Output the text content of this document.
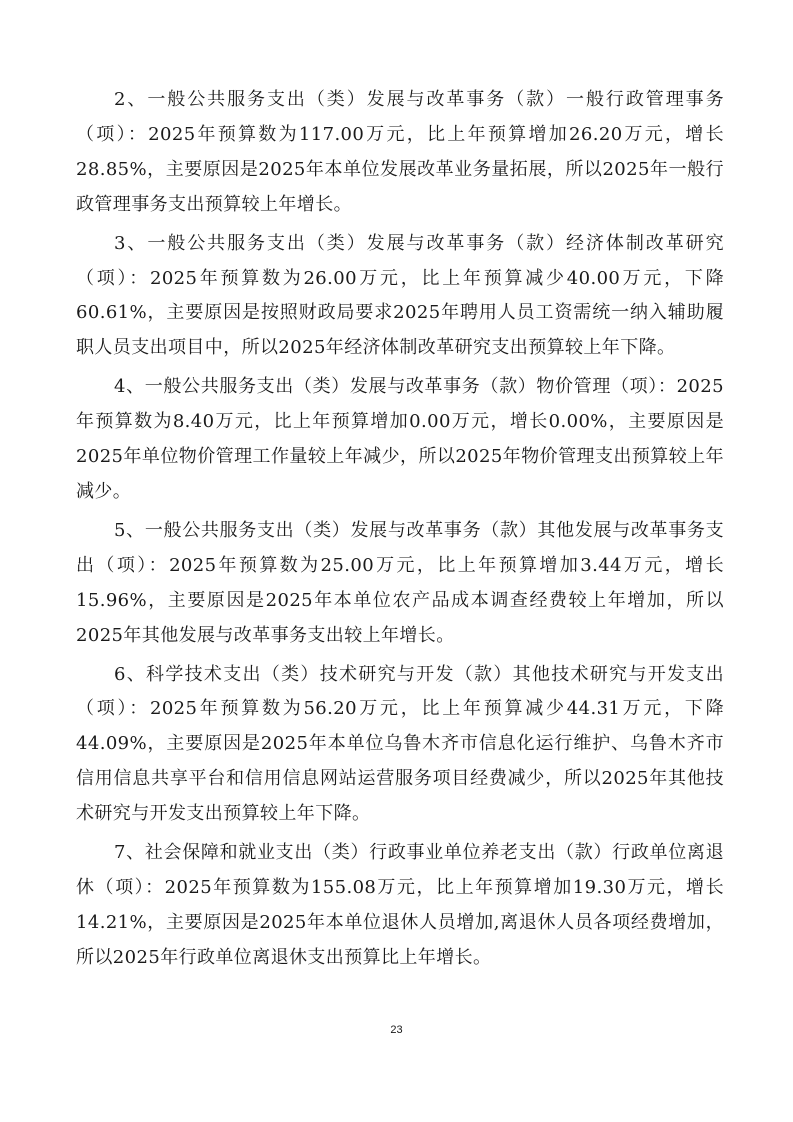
2、一般公共服务支出（类）发展与改革事务（款）一般行政管理事务（项）：2025年预算数为117.00万元，比上年预算增加26.20万元，增长28.85%，主要原因是2025年本单位发展改革业务量拓展，所以2025年一般行政管理事务支出预算较上年增长。

3、一般公共服务支出（类）发展与改革事务（款）经济体制改革研究（项）：2025年预算数为26.00万元，比上年预算减少40.00万元，下降60.61%，主要原因是按照财政局要求2025年聘用人员工资需统一纳入辅助履职人员支出项目中，所以2025年经济体制改革研究支出预算较上年下降。

4、一般公共服务支出（类）发展与改革事务（款）物价管理（项）：2025年预算数为8.40万元，比上年预算增加0.00万元，增长0.00%，主要原因是2025年单位物价管理工作量较上年减少，所以2025年物价管理支出预算较上年减少。

5、一般公共服务支出（类）发展与改革事务（款）其他发展与改革事务支出（项）：2025年预算数为25.00万元，比上年预算增加3.44万元，增长15.96%，主要原因是2025年本单位农产品成本调查经费较上年增加，所以2025年其他发展与改革事务支出较上年增长。

6、科学技术支出（类）技术研究与开发（款）其他技术研究与开发支出（项）：2025年预算数为56.20万元，比上年预算减少44.31万元，下降44.09%，主要原因是2025年本单位乌鲁木齐市信息化运行维护、乌鲁木齐市信用信息共享平台和信用信息网站运营服务项目经费减少，所以2025年其他技术研究与开发支出预算较上年下降。

7、社会保障和就业支出（类）行政事业单位养老支出（款）行政单位离退休（项）：2025年预算数为155.08万元，比上年预算增加19.30万元，增长14.21%，主要原因是2025年本单位退休人员增加,离退休人员各项经费增加，所以2025年行政单位离退休支出预算比上年增长。

23
